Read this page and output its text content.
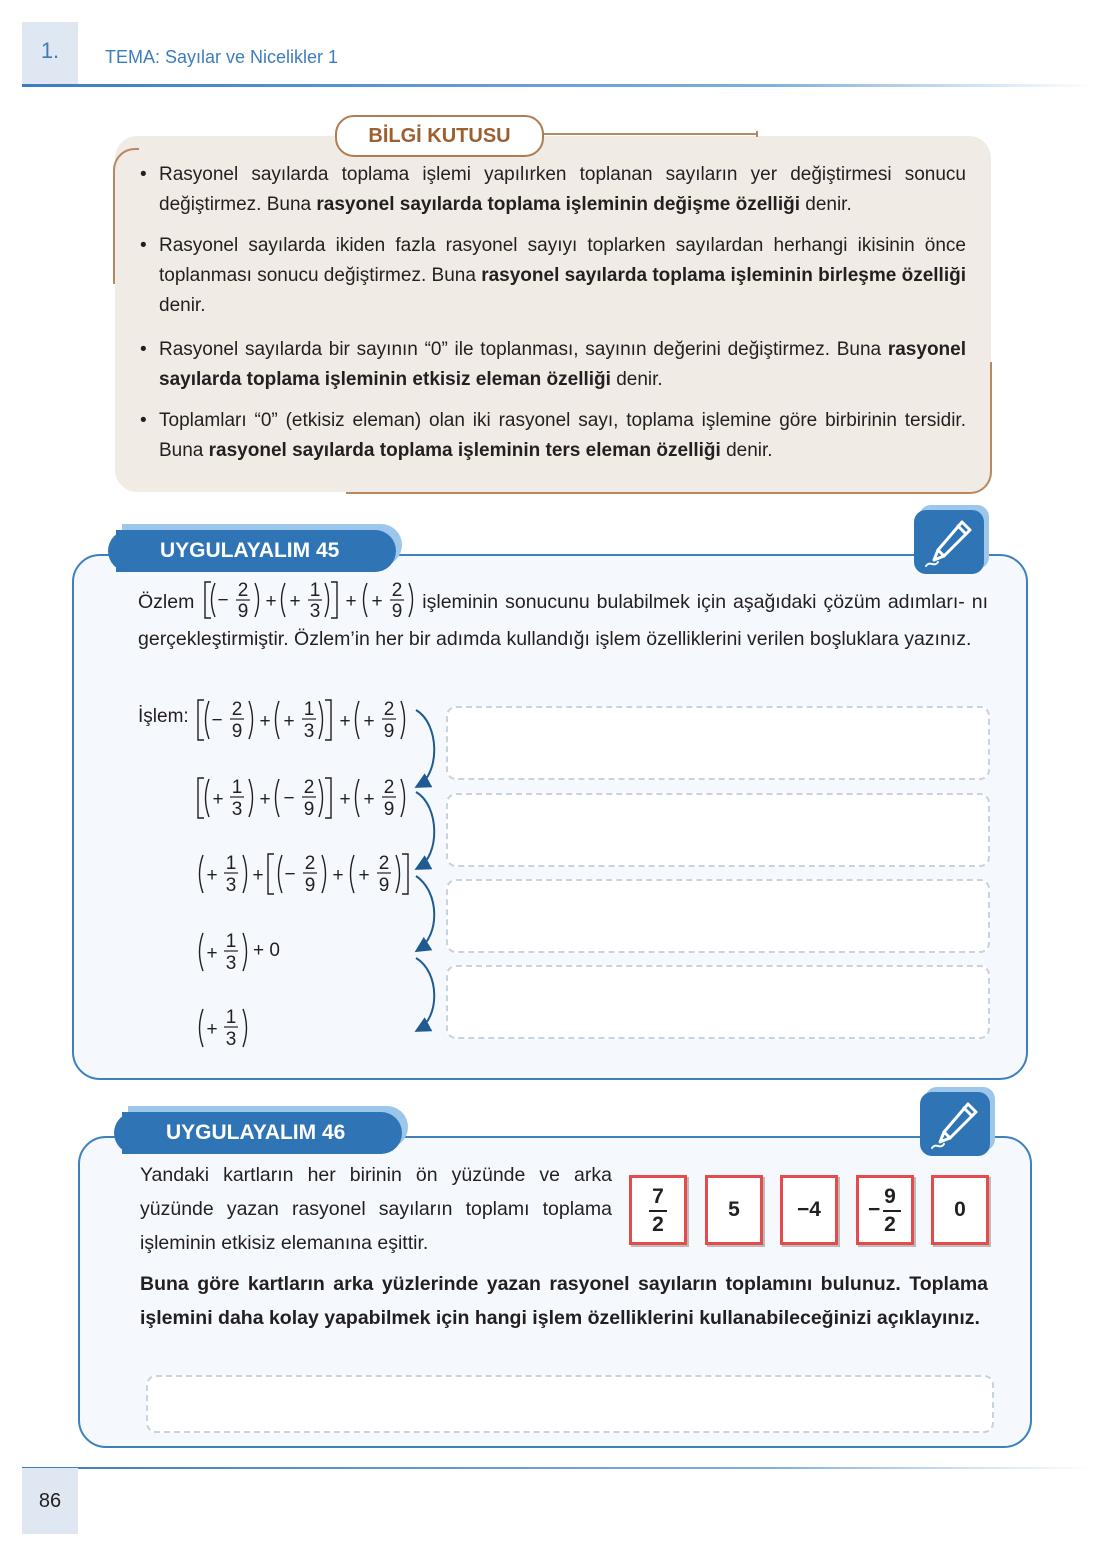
1.	TEMA: Sayılar ve Nicelikler 1
BİLGİ KUTUSU
• Rasyonel sayılarda toplama işlemi yapılırken toplanan sayıların yer değiştirmesi sonucu değiştirmez. Buna rasyonel sayılarda toplama işleminin değişme özelliği denir.
• Rasyonel sayılarda ikiden fazla rasyonel sayıyı toplarken sayılardan herhangi ikisinin önce toplanması sonucu değiştirmez. Buna rasyonel sayılarda toplama işleminin birleşme özelliği denir.
• Rasyonel sayılarda bir sayının “0” ile toplanması, sayının değerini değiştirmez. Buna rasyonel sayılarda toplama işleminin etkisiz eleman özelliği denir.
• Toplamları “0” (etkisiz eleman) olan iki rasyonel sayı, toplama işlemine göre birbirinin tersidir. Buna rasyonel sayılarda toplama işleminin ters eleman özelliği denir.
UYGULAYALIM 45
Özlem − 2
9 + +
1
3 + +
2
9 işleminin sonucunu bulabilmek için aşağıdaki çözüm adımları- nı gerçekleştirmiştir. Özlem’in her bir adımda kullandığı işlem özelliklerini verilen boşluklara yazınız.
İşlem: −
2
9 + +
1
3 + +
2
9
+
1
3 + −
2
9 + +
2
9
+
1
3 + −
2
9 + +
2
9
+
1
3
+ 0
+
1
3
UYGULAYALIM 46
Yandaki kartların her birinin ön yüzünde ve arka yüzünde yazan rasyonel sayıların toplamı toplama işleminin etkisiz elemanına eşittir.
7
2
5	−4	−
9
2
0
Buna göre kartların arka yüzlerinde yazan rasyonel sayıların toplamını bulunuz. Toplama işlemini daha kolay yapabilmek için hangi işlem özelliklerini kullanabileceğinizi açıklayınız.
86
